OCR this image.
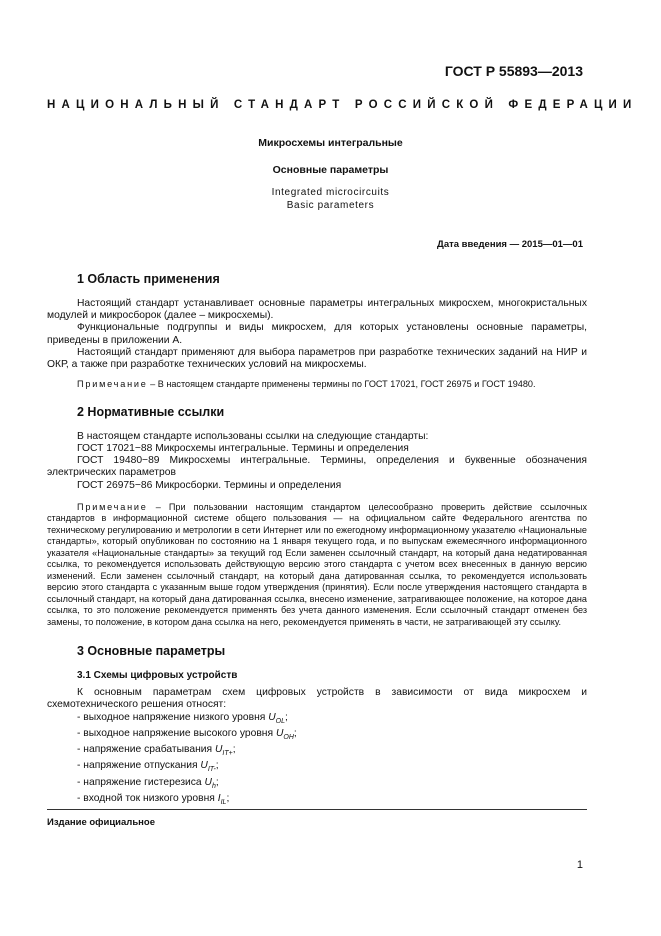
ГОСТ Р 55893—2013
НАЦИОНАЛЬНЫЙ СТАНДАРТ РОССИЙСКОЙ ФЕДЕРАЦИИ
Микросхемы интегральные
Основные параметры
Integrated microcircuits
Basic parameters
Дата введения — 2015—01—01
1 Область применения

Настоящий стандарт устанавливает основные параметры интегральных микросхем, многокристальных модулей и микросборок (далее – микросхемы).

Функциональные подгруппы и виды микросхем, для которых установлены основные параметры, приведены в приложении А.

Настоящий стандарт применяют для выбора параметров при разработке технических заданий на НИР и ОКР, а также при разработке технических условий на микросхемы.

Примечание – В настоящем стандарте применены термины по ГОСТ 17021, ГОСТ 26975 и ГОСТ 19480.

2 Нормативные ссылки

В настоящем стандарте использованы ссылки на следующие стандарты:

ГОСТ 17021−88 Микросхемы интегральные. Термины и определения

ГОСТ 19480−89 Микросхемы интегральные. Термины, определения и буквенные обозначения электрических параметров

ГОСТ 26975−86 Микросборки. Термины и определения

Примечание – При пользовании настоящим стандартом целесообразно проверить действие ссылочных стандартов в информационной системе общего пользования — на официальном сайте Федерального агентства по техническому регулированию и метрологии в сети Интернет или по ежегодному информационному указателю «Национальные стандарты», который опубликован по состоянию на 1 января текущего года, и по выпускам ежемесячного информационного указателя «Национальные стандарты» за текущий год Если заменен ссылочный стандарт, на который дана недатированная ссылка, то рекомендуется использовать действующую версию этого стандарта с учетом всех внесенных в данную версию изменений. Если заменен ссылочный стандарт, на который дана датированная ссылка, то рекомендуется использовать версию этого стандарта с указанным выше годом утверждения (принятия). Если после утверждения настоящего стандарта в ссылочный стандарт, на который дана датированная ссылка, внесено изменение, затрагивающее положение, на которое дана ссылка, то это положение рекомендуется применять без учета данного изменения. Если ссылочный стандарт отменен без замены, то положение, в котором дана ссылка на него, рекомендуется применять в части, не затрагивающей эту ссылку.

3 Основные параметры
3.1 Схемы цифровых устройств

К основным параметрам схем цифровых устройств в зависимости от вида микросхем и схемотехнического решения относят:

- выходное напряжение низкого уровня $U_{OL}$;

- выходное напряжение высокого уровня $U_{OH}$;

- напряжение срабатывания $U_{IT+}$;

- напряжение отпускания $U_{IT-}$;

- напряжение гистерезиса $U_h$;

- входной ток низкого уровня $I_{IL}$;

Издание официальное
1
